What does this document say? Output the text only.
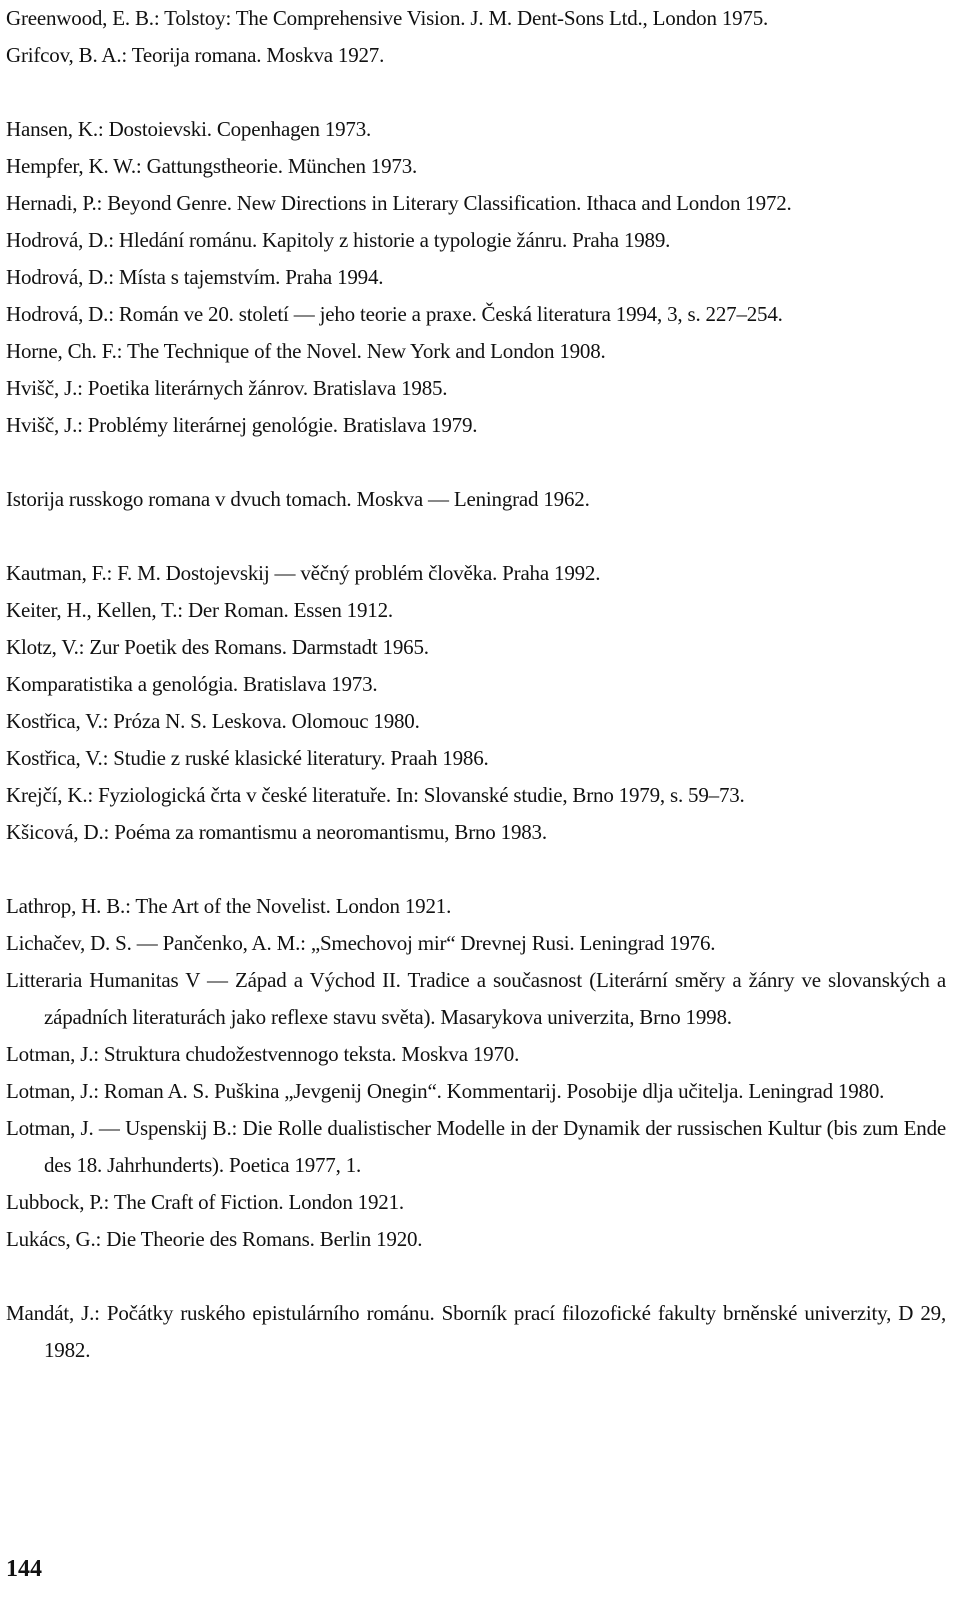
Greenwood, E. B.: Tolstoy: The Comprehensive Vision. J. M. Dent-Sons Ltd., London 1975.
Grifcov, B. A.: Teorija romana. Moskva 1927.
Hansen, K.: Dostoievski. Copenhagen 1973.
Hempfer, K. W.: Gattungstheorie. München 1973.
Hernadi, P.: Beyond Genre. New Directions in Literary Classification. Ithaca and London 1972.
Hodrová, D.: Hledání románu. Kapitoly z historie a typologie žánru. Praha 1989.
Hodrová, D.: Místa s tajemstvím. Praha 1994.
Hodrová, D.: Román ve 20. století — jeho teorie a praxe. Česká literatura 1994, 3, s. 227–254.
Horne, Ch. F.: The Technique of the Novel. New York and London 1908.
Hvišč, J.: Poetika literárnych žánrov. Bratislava 1985.
Hvišč, J.: Problémy literárnej genológie. Bratislava 1979.
Istorija russkogo romana v dvuch tomach. Moskva — Leningrad 1962.
Kautman, F.: F. M. Dostojevskij — věčný problém člověka. Praha 1992.
Keiter, H., Kellen, T.: Der Roman. Essen 1912.
Klotz, V.: Zur Poetik des Romans. Darmstadt 1965.
Komparatistika a genológia. Bratislava 1973.
Kostřica, V.: Próza N. S. Leskova. Olomouc 1980.
Kostřica, V.: Studie z ruské klasické literatury. Praah 1986.
Krejčí, K.: Fyziologická črta v české literatuře. In: Slovanské studie, Brno 1979, s. 59–73.
Kšicová, D.: Poéma za romantismu a neoromantismu, Brno 1983.
Lathrop, H. B.: The Art of the Novelist. London 1921.
Lichačev, D. S. — Pančenko, A. M.: „Smechovoj mir“ Drevnej Rusi. Leningrad 1976.
Litteraria Humanitas V — Západ a Východ II. Tradice a současnost (Literární směry a žánry ve slovanských a západních literaturách jako reflexe stavu světa). Masarykova univerzita, Brno 1998.
Lotman, J.: Struktura chudožestvennogo teksta. Moskva 1970.
Lotman, J.: Roman A. S. Puškina „Jevgenij Onegin“. Kommentarij. Posobije dlja učitelja. Leningrad 1980.
Lotman, J. — Uspenskij B.: Die Rolle dualistischer Modelle in der Dynamik der russischen Kultur (bis zum Ende des 18. Jahrhunderts). Poetica 1977, 1.
Lubbock, P.: The Craft of Fiction. London 1921.
Lukács, G.: Die Theorie des Romans. Berlin 1920.
Mandát, J.: Počátky ruského epistulárního románu. Sborník prací filozofické fakulty brněnské univerzity, D 29, 1982.
144
